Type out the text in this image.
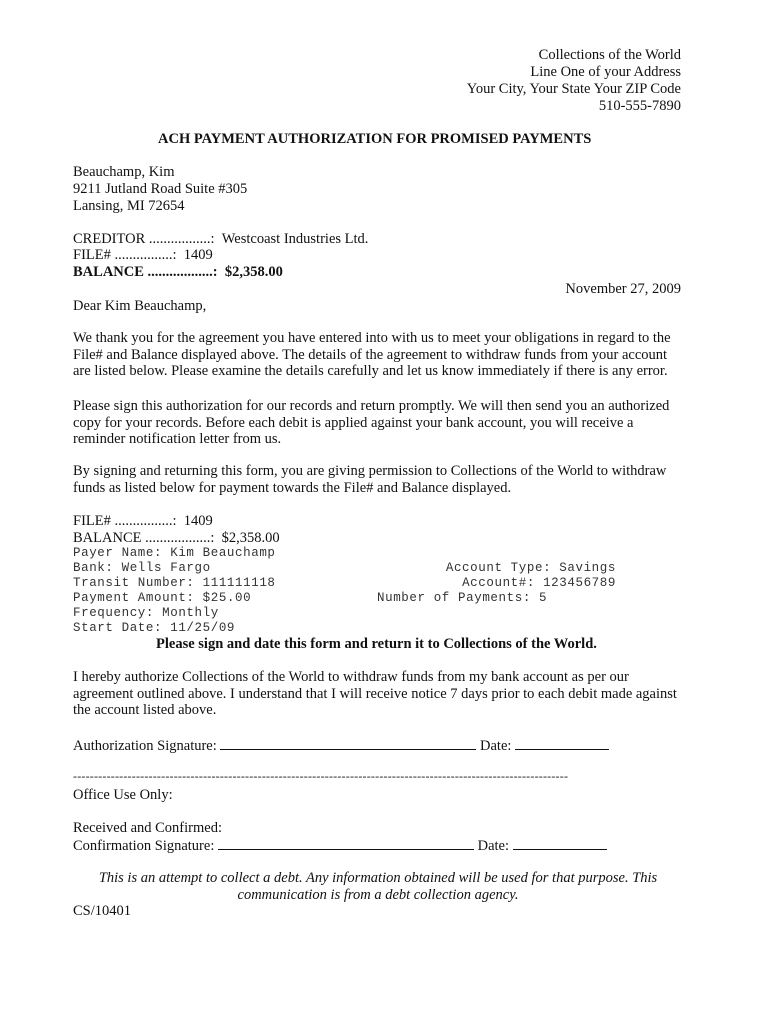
Collections of the World
Line One of your Address
Your City, Your State Your ZIP Code
510-555-7890
ACH PAYMENT AUTHORIZATION FOR PROMISED PAYMENTS
Beauchamp, Kim
9211 Jutland Road Suite #305
Lansing, MI 72654
CREDITOR .................: Westcoast Industries Ltd.
FILE# ................: 1409
BALANCE ..................: $2,358.00
November 27, 2009
Dear Kim Beauchamp,
We thank you for the agreement you have entered into with us to meet your obligations in regard to the File# and Balance displayed above. The details of the agreement to withdraw funds from your account are listed below. Please examine the details carefully and let us know immediately if there is any error.
Please sign this authorization for our records and return promptly. We will then send you an authorized copy for your records. Before each debit is applied against your bank account, you will receive a reminder notification letter from us.
By signing and returning this form, you are giving permission to Collections of the World to withdraw funds as listed below for payment towards the File# and Balance displayed.
FILE# ................: 1409
BALANCE ..................: $2,358.00
Payer Name: Kim Beauchamp
Bank: Wells Fargo
Transit Number: 111111118
Payment Amount: $25.00
Frequency: Monthly
Start Date: 11/25/09
Account Type: Savings
Account#: 123456789
Number of Payments: 5
Please sign and date this form and return it to Collections of the World.
I hereby authorize Collections of the World to withdraw funds from my bank account as per our agreement outlined above. I understand that I will receive notice 7 days prior to each debit made against the account listed above.
Authorization Signature:	Date:
----------------------------------------------------------------------------------------------------------------------
Office Use Only:
Received and Confirmed:
Confirmation Signature:	Date:
This is an attempt to collect a debt. Any information obtained will be used for that purpose. This
communication is from a debt collection agency.
CS/10401
